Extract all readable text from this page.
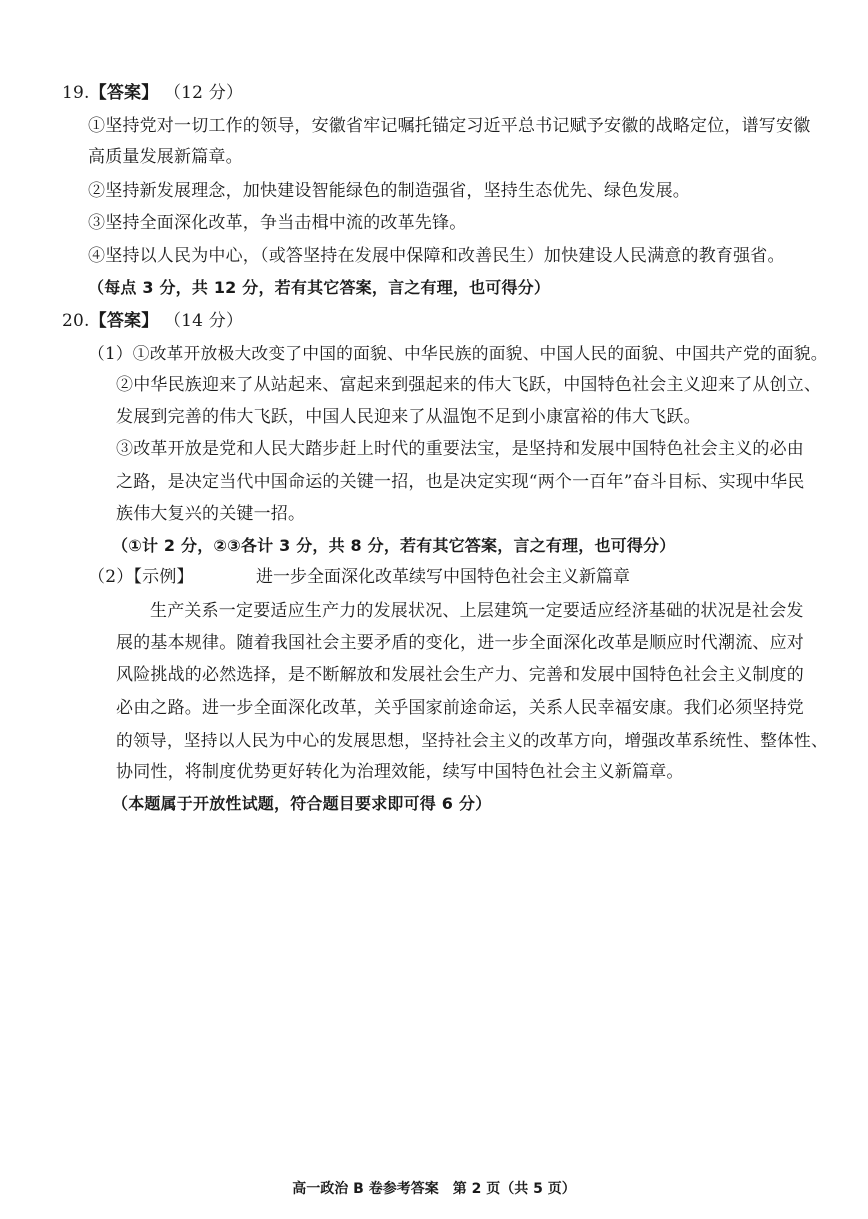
19.【答案】 （12 分）
①坚持党对一切工作的领导，安徽省牢记嘱托锚定习近平总书记赋予安徽的战略定位，谱写安徽
高质量发展新篇章。
②坚持新发展理念，加快建设智能绿色的制造强省，坚持生态优先、绿色发展。
③坚持全面深化改革，争当击楫中流的改革先锋。
④坚持以人民为中心，（或答坚持在发展中保障和改善民生）加快建设人民满意的教育强省。
（每点 3 分，共 12 分，若有其它答案，言之有理，也可得分）
20.【答案】 （14 分）
（1）①改革开放极大改变了中国的面貌、中华民族的面貌、中国人民的面貌、中国共产党的面貌。
②中华民族迎来了从站起来、富起来到强起来的伟大飞跃，中国特色社会主义迎来了从创立、
发展到完善的伟大飞跃，中国人民迎来了从温饱不足到小康富裕的伟大飞跃。
③改革开放是党和人民大踏步赶上时代的重要法宝，是坚持和发展中国特色社会主义的必由
之路，是决定当代中国命运的关键一招，也是决定实现“两个一百年”奋斗目标、实现中华民
族伟大复兴的关键一招。
（①计 2 分，②③各计 3 分，共 8 分，若有其它答案，言之有理，也可得分）
（2）【示例】	进一步全面深化改革续写中国特色社会主义新篇章
生产关系一定要适应生产力的发展状况、上层建筑一定要适应经济基础的状况是社会发
展的基本规律。随着我国社会主要矛盾的变化，进一步全面深化改革是顺应时代潮流、应对
风险挑战的必然选择，是不断解放和发展社会生产力、完善和发展中国特色社会主义制度的
必由之路。进一步全面深化改革，关乎国家前途命运，关系人民幸福安康。我们必须坚持党
的领导，坚持以人民为中心的发展思想，坚持社会主义的改革方向，增强改革系统性、整体性、
协同性，将制度优势更好转化为治理效能，续写中国特色社会主义新篇章。
（本题属于开放性试题，符合题目要求即可得 6 分）
高一政治 B 卷参考答案　第 2 页（共 5 页）
